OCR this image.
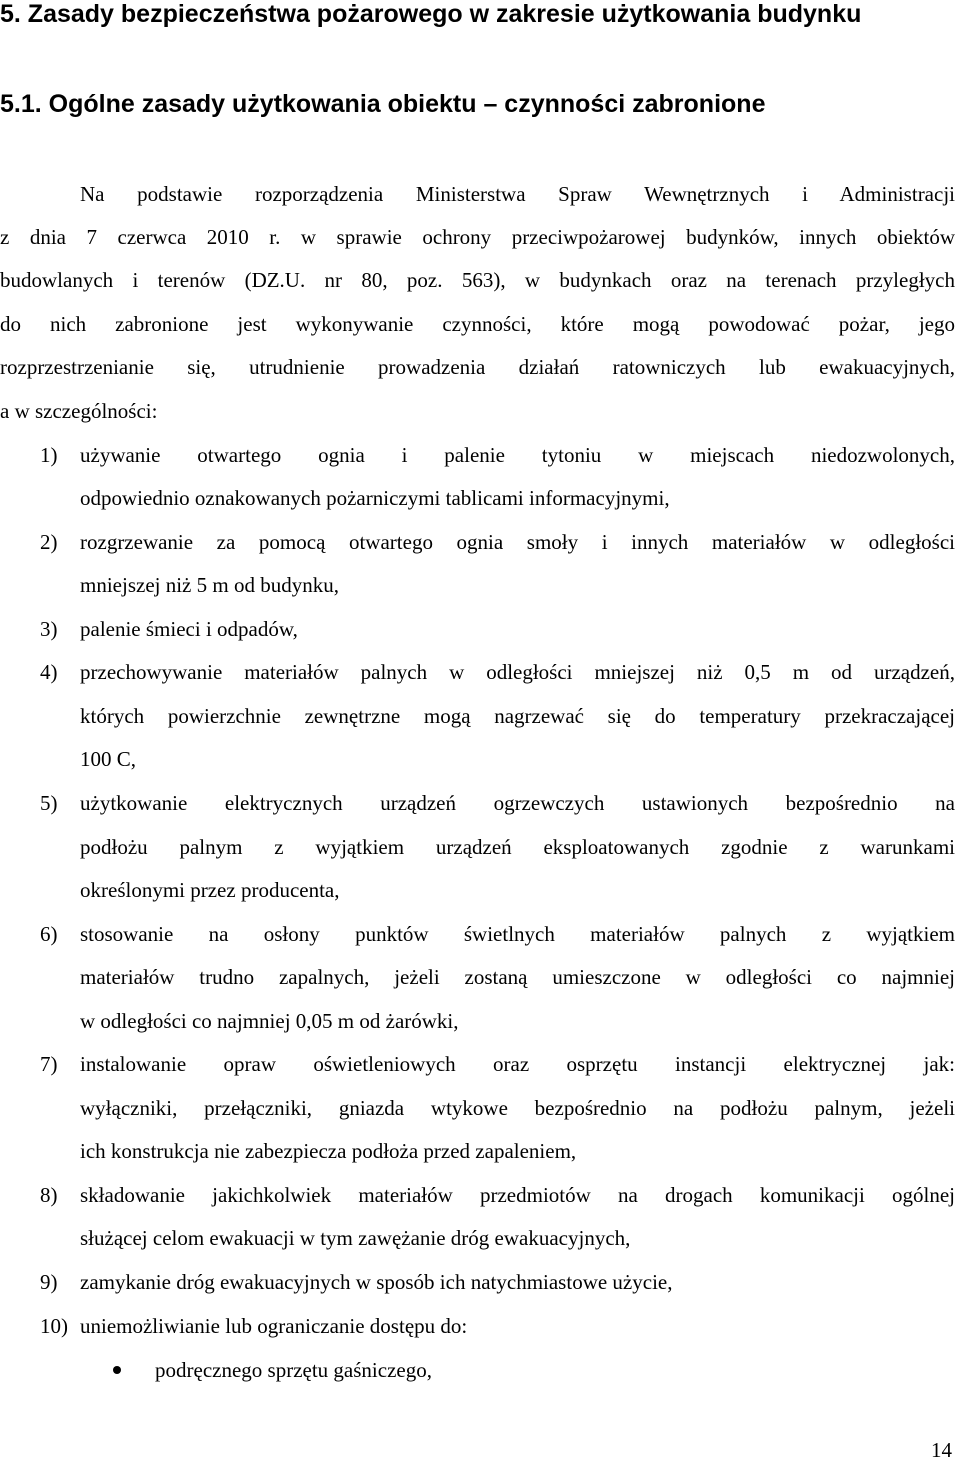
5. Zasady bezpieczeństwa pożarowego w zakresie użytkowania budynku
5.1. Ogólne zasady użytkowania obiektu – czynności zabronione
Na podstawie rozporządzenia Ministerstwa Spraw Wewnętrznych i Administracji
z dnia 7 czerwca 2010 r. w sprawie ochrony przeciwpożarowej budynków, innych obiektów
budowlanych i terenów (DZ.U. nr 80, poz. 563), w budynkach oraz na terenach przyległych
do nich zabronione jest wykonywanie czynności, które mogą powodować pożar, jego
rozprzestrzenianie się, utrudnienie prowadzenia działań ratowniczych lub ewakuacyjnych,
a w szczególności:
1)	używanie otwartego ognia i palenie tytoniu w miejscach niedozwolonych,
odpowiednio oznakowanych pożarniczymi tablicami informacyjnymi,
2)	rozgrzewanie za pomocą otwartego ognia smoły i innych materiałów w odległości
mniejszej niż 5 m od budynku,
3)	palenie śmieci i odpadów,
4)	przechowywanie materiałów palnych w odległości mniejszej niż 0,5 m od urządzeń,
których powierzchnie zewnętrzne mogą nagrzewać się do temperatury przekraczającej
100 C,
5)	użytkowanie elektrycznych urządzeń ogrzewczych ustawionych bezpośrednio na
podłożu palnym z wyjątkiem urządzeń eksploatowanych zgodnie z warunkami
określonymi przez producenta,
6)	stosowanie na osłony punktów świetlnych materiałów palnych z wyjątkiem
materiałów trudno zapalnych, jeżeli zostaną umieszczone w odległości co najmniej
w odległości co najmniej 0,05 m od żarówki,
7)	instalowanie opraw oświetleniowych oraz osprzętu instancji elektrycznej jak:
wyłączniki, przełączniki, gniazda wtykowe bezpośrednio na podłożu palnym, jeżeli
ich konstrukcja nie zabezpiecza podłoża przed zapaleniem,
8)	składowanie jakichkolwiek materiałów przedmiotów na drogach komunikacji ogólnej
służącej celom ewakuacji w tym zawężanie dróg ewakuacyjnych,
9)	zamykanie dróg ewakuacyjnych w sposób ich natychmiastowe użycie,
10) uniemożliwianie lub ograniczanie dostępu do:
podręcznego sprzętu gaśniczego,
14
